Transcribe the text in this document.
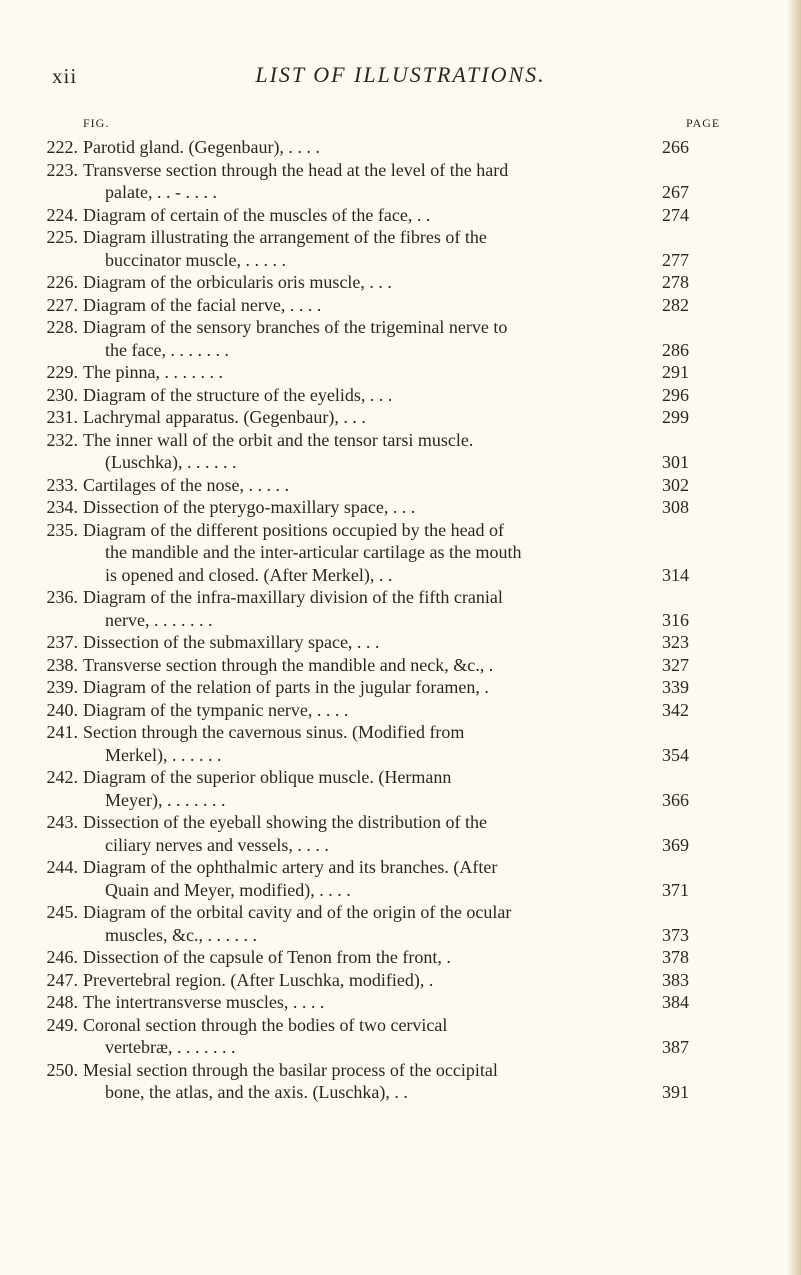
xii	LIST OF ILLUSTRATIONS.
FIG.	PAGE
222. Parotid gland. (Gegenbaur), . . . .	266
223. Transverse section through the head at the level of the hard
palate, . . - . . . .	267
224. Diagram of certain of the muscles of the face, . .	274
225. Diagram illustrating the arrangement of the fibres of the
buccinator muscle, . . . . .	277
226. Diagram of the orbicularis oris muscle, . . .	278
227. Diagram of the facial nerve, . . . .	282
228. Diagram of the sensory branches of the trigeminal nerve to
the face, . . . . . . .	286
229. The pinna, . . . . . . .	291
230. Diagram of the structure of the eyelids, . . .	296
231. Lachrymal apparatus. (Gegenbaur), . . .	299
232. The inner wall of the orbit and the tensor tarsi muscle.
(Luschka), . . . . . .	301
233. Cartilages of the nose, . . . . .	302
234. Dissection of the pterygo-maxillary space, . . .	308
235. Diagram of the different positions occupied by the head of
the mandible and the inter-articular cartilage as the mouth
is opened and closed. (After Merkel), . .	314
236. Diagram of the infra-maxillary division of the fifth cranial
nerve, . . . . . . .	316
237. Dissection of the submaxillary space, . . .	323
238. Transverse section through the mandible and neck, &c., .	327
239. Diagram of the relation of parts in the jugular foramen, .	339
240. Diagram of the tympanic nerve, . . . .	342
241. Section through the cavernous sinus. (Modified from
Merkel), . . . . . .	354
242. Diagram of the superior oblique muscle. (Hermann
Meyer), . . . . . . .	366
243. Dissection of the eyeball showing the distribution of the
ciliary nerves and vessels, . . . .	369
244. Diagram of the ophthalmic artery and its branches. (After
Quain and Meyer, modified), . . . .	371
245. Diagram of the orbital cavity and of the origin of the ocular
muscles, &c., . . . . . .	373
246. Dissection of the capsule of Tenon from the front, .	378
247. Prevertebral region. (After Luschka, modified), .	383
248. The intertransverse muscles, . . . .	384
249. Coronal section through the bodies of two cervical
vertebræ, . . . . . . .	387
250. Mesial section through the basilar process of the occipital
bone, the atlas, and the axis. (Luschka), . .	391
